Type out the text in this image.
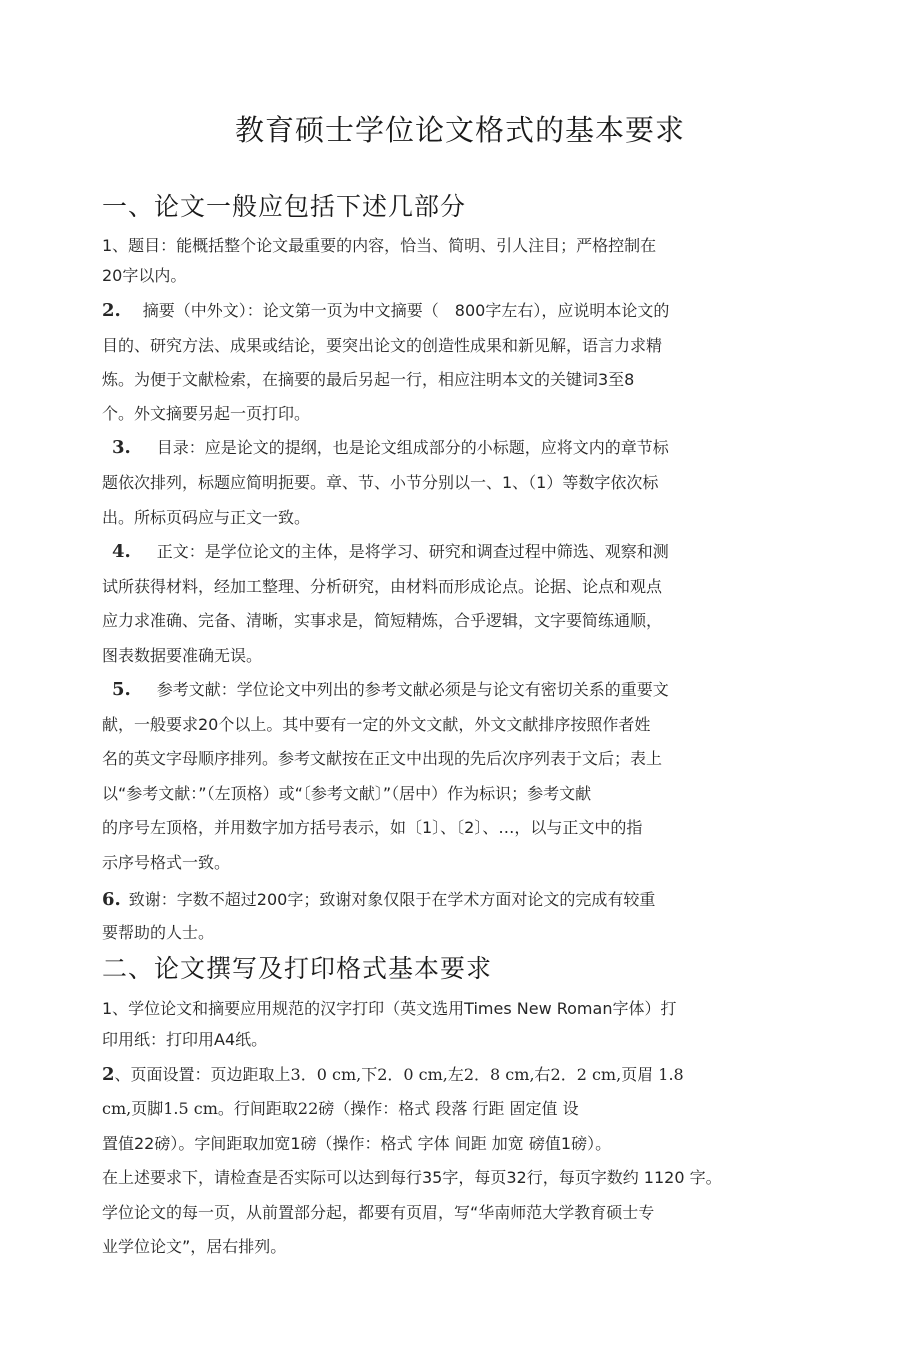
教育硕士学位论文格式的基本要求
一、论文一般应包括下述几部分
1、题目：能概括整个论文最重要的内容，恰当、简明、引人注目；严格控制在
20字以内。
2. 摘要（中外文）：论文第一页为中文摘要（　800字左右），应说明本论文的
目的、研究方法、成果或结论，要突出论文的创造性成果和新见解，语言力求精
炼。为便于文献检索，在摘要的最后另起一行，相应注明本文的关键词3至8
个。外文摘要另起一页打印。
3. 目录：应是论文的提纲，也是论文组成部分的小标题，应将文内的章节标
题依次排列，标题应简明扼要。章、节、小节分别以一、1、（1）等数字依次标
出。所标页码应与正文一致。
4. 正文：是学位论文的主体，是将学习、研究和调查过程中筛选、观察和测
试所获得材料，经加工整理、分析研究，由材料而形成论点。论据、论点和观点
应力求准确、完备、清晰，实事求是，简短精炼，合乎逻辑，文字要简练通顺，
图表数据要准确无误。
5. 参考文献：学位论文中列出的参考文献必须是与论文有密切关系的重要文
献，一般要求20个以上。其中要有一定的外文文献，外文文献排序按照作者姓
名的英文字母顺序排列。参考文献按在正文中出现的先后次序列表于文后；表上
以“参考文献：”（左顶格）或“〔参考文献〕”（居中）作为标识；参考文献
的序号左顶格，并用数字加方括号表示，如〔1〕、〔2〕、…，以与正文中的指
示序号格式一致。
6. 致谢：字数不超过200字；致谢对象仅限于在学术方面对论文的完成有较重
要帮助的人士。
二、论文撰写及打印格式基本要求
1、学位论文和摘要应用规范的汉字打印（英文选用Times New Roman字体）打
印用纸：打印用A4纸。
2、页面设置：页边距取上3．0 cm,下2．0 cm,左2．8 cm,右2．2 cm,页眉 1.8
cm,页脚1.5 cm。行间距取22磅（操作：格式 段落 行距 固定值 设
置值22磅）。字间距取加宽1磅（操作：格式 字体 间距 加宽 磅值1磅）。
在上述要求下，请检查是否实际可以达到每行35字，每页32行，每页字数约 1120 字。
学位论文的每一页，从前置部分起，都要有页眉，写“华南师范大学教育硕士专
业学位论文”，居右排列。
